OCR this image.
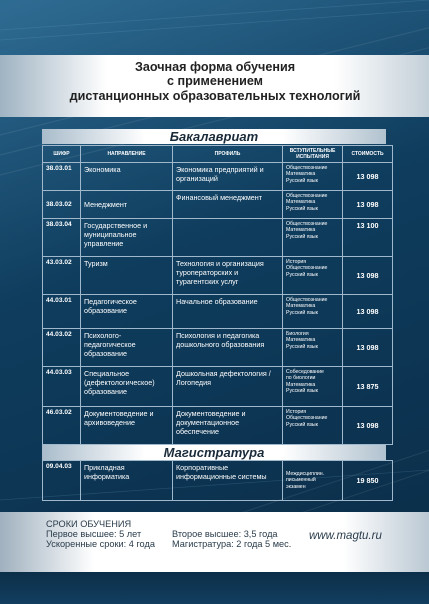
Заочная форма обучения
с применением
дистанционных образовательных технологий
Бакалавриат
ШИФР	НАПРАВЛЕНИЕ	ПРОФИЛЬ	ВСТУПИТЕЛЬНЫЕ ИСПЫТАНИЯ	СТОИМОСТЬ
38.03.01	Экономика	Экономика предприятий и организаций	Обществознание
Математика
Русский язык	13 098
38.03.02	Менеджмент	Финансовый менеджмент	Обществознание
Математика
Русский язык	13 098
38.03.04	Государственное и муниципальное управление		Обществознание
Математика
Русский язык	13 100
43.03.02	Туризм	Технология и организация туроператорских и турагентских услуг	История
Обществознание
Русский язык	13 098
44.03.01	Педагогическое образование	Начальное образование	Обществознание
Математика
Русский язык	13 098
44.03.02	Психолого-педагогическое образование	Психология и педагогика дошкольного образования	Биология
Математика
Русский язык	13 098
44.03.03	Специальное (дефектологическое) образование	Дошкольная дефектология / Логопедия	Собеседование
по биологии
Математика
Русский язык	13 875
46.03.02	Документоведение и архивоведение	Документоведение и документационное обеспечение	История
Обществознание
Русский язык	13 098
Магистратура
09.04.03	Прикладная информатика	Корпоративные информационные системы	Междисциплин.
письменный
экзамен
	19 850
СРОКИ ОБУЧЕНИЯ
Первое высшее: 5 лет
Ускоренные сроки: 4 года
Второе высшее: 3,5 года
Магистратура: 2 года 5 мес.
www.magtu.ru
